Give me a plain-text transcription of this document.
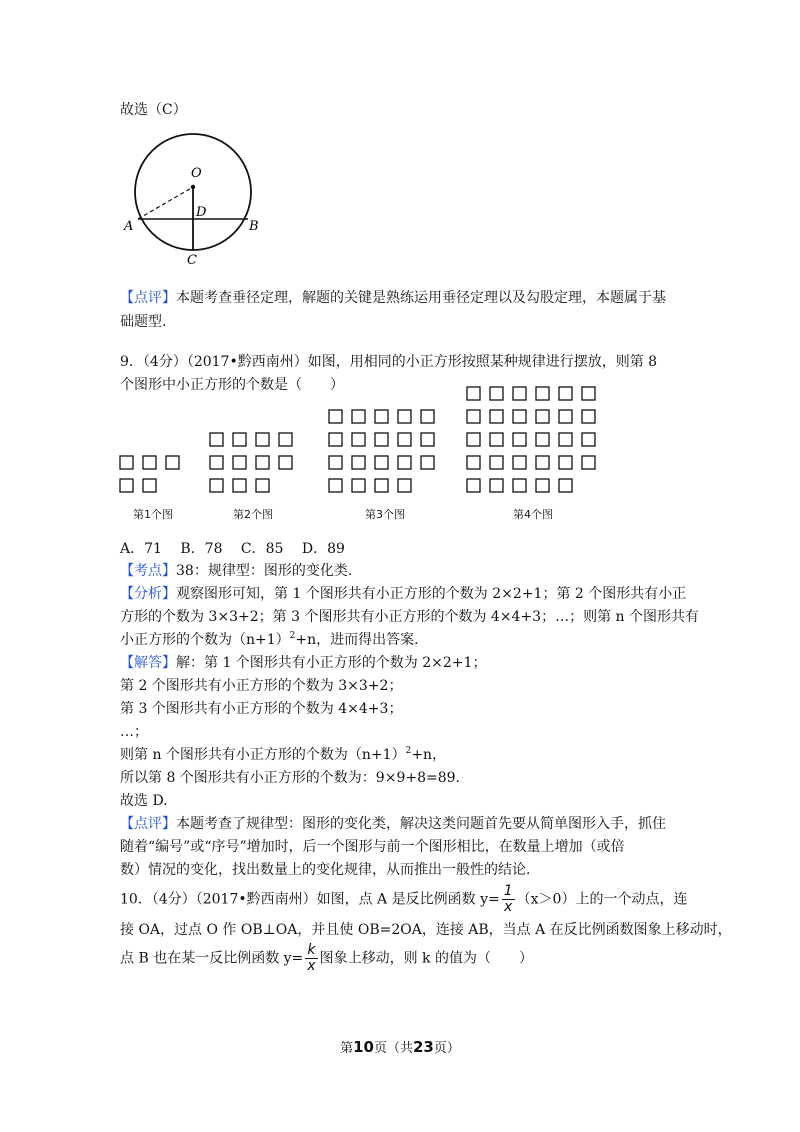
故选（C）
O
D
A	B
C
【点评】本题考查垂径定理，解题的关键是熟练运用垂径定理以及勾股定理，本题属于基
础题型.
9．（4分）（2017•黔西南州）如图，用相同的小正方形按照某种规律进行摆放，则第 8
个图形中小正方形的个数是（　　）
第1个图	第2个图	第3个图	第4个图
A．71　 B．78　 C．85　 D．89
【考点】38：规律型：图形的变化类.
【分析】观察图形可知，第 1 个图形共有小正方形的个数为 2×2+1；第 2 个图形共有小正
方形的个数为 3×3+2；第 3 个图形共有小正方形的个数为 4×4+3；…；则第 n 个图形共有
小正方形的个数为$(n+1)^2+n$，进而得出答案.
【解答】解：第 1 个图形共有小正方形的个数为 2×2+1；
第 2 个图形共有小正方形的个数为 3×3+2；
第 3 个图形共有小正方形的个数为 4×4+3；
…；
则第 n 个图形共有小正方形的个数为$(n+1)^2+n$，
所以第 8 个图形共有小正方形的个数为：9×9+8=89.
故选 D.
【点评】本题考查了规律型：图形的变化类，解决这类问题首先要从简单图形入手，抓住
随着“编号”或“序号”增加时，后一个图形与前一个图形相比，在数量上增加（或倍
数）情况的变化，找出数量上的变化规律，从而推出一般性的结论.
10．（4分）（2017•黔西南州）如图，点 A 是反比例函数 $y= \frac{1}{x} (x>0)$上的一个动点，连
接 OA，过点 O 作 OB⊥OA，并且使 OB=2OA，连接 AB，当点 A 在反比例函数图象上移动时，
点 B 也在某一反比例函数 $y= \frac{k}{x}$ 图象上移动，则 k 的值为（　　）
第10页（共23页）
